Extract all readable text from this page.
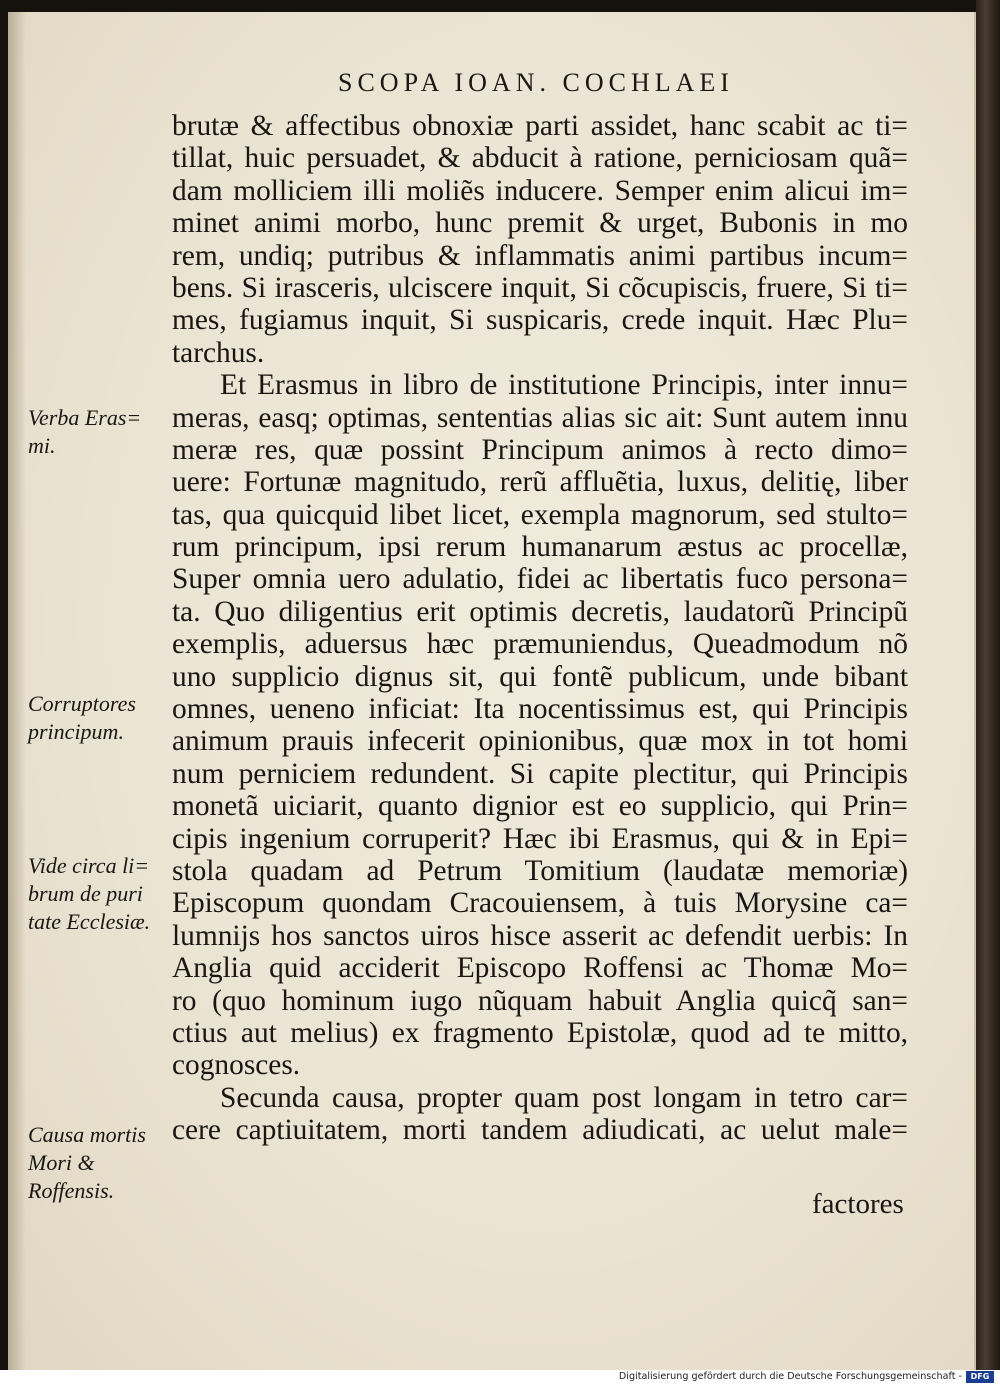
SCOPA IOAN. COCHLAEI
brutæ & affectibus obnoxiæ parti assidet, hanc scabit ac ti=
tillat, huic persuadet, & abducit à ratione, perniciosam quã=
dam molliciem illi moliẽs inducere. Semper enim alicui im=
minet animi morbo, hunc premit & urget, Bubonis in mo
rem, undiq; putribus & inflammatis animi partibus incum=
bens. Si irasceris, ulciscere inquit, Si cõcupiscis, fruere, Si ti=
mes, fugiamus inquit, Si suspicaris, crede inquit. Hæc Plu=
tarchus.
Et Erasmus in libro de institutione Principis, inter innu=
meras, easq; optimas, sententias alias sic ait: Sunt autem innu
meræ res, quæ possint Principum animos à recto dimo=
uere: Fortunæ magnitudo, rerũ affluẽtia, luxus, delitię, liber
tas, qua quicquid libet licet, exempla magnorum, sed stulto=
rum principum, ipsi rerum humanarum æstus ac procellæ,
Super omnia uero adulatio, fidei ac libertatis fuco persona=
ta. Quo diligentius erit optimis decretis, laudatorũ Principũ
exemplis, aduersus hæc præmuniendus, Queadmodum nõ
uno supplicio dignus sit, qui fontẽ publicum, unde bibant
omnes, ueneno inficiat: Ita nocentissimus est, qui Principis
animum prauis infecerit opinionibus, quæ mox in tot homi
num perniciem redundent. Si capite plectitur, qui Principis
monetã uiciarit, quanto dignior est eo supplicio, qui Prin=
cipis ingenium corruperit? Hæc ibi Erasmus, qui & in Epi=
stola quadam ad Petrum Tomitium (laudatæ memoriæ)
Episcopum quondam Cracouiensem, à tuis Morysine ca=
lumnijs hos sanctos uiros hisce asserit ac defendit uerbis: In
Anglia quid acciderit Episcopo Roffensi ac Thomæ Mo=
ro (quo hominum iugo nũquam habuit Anglia quicq̃ san=
ctius aut melius) ex fragmento Epistolæ, quod ad te mitto,
cognosces.
Secunda causa, propter quam post longam in tetro car=
cere captiuitatem, morti tandem adiudicati, ac uelut male=
factores
Verba Eras=
mi.
Corruptores
principum.
Vide circa li=
brum de puri
tate Ecclesiæ.
Causa mortis
Mori &
Roffensis.
Digitalisierung gefördert durch die Deutsche Forschungsgemeinschaft -	DFG
